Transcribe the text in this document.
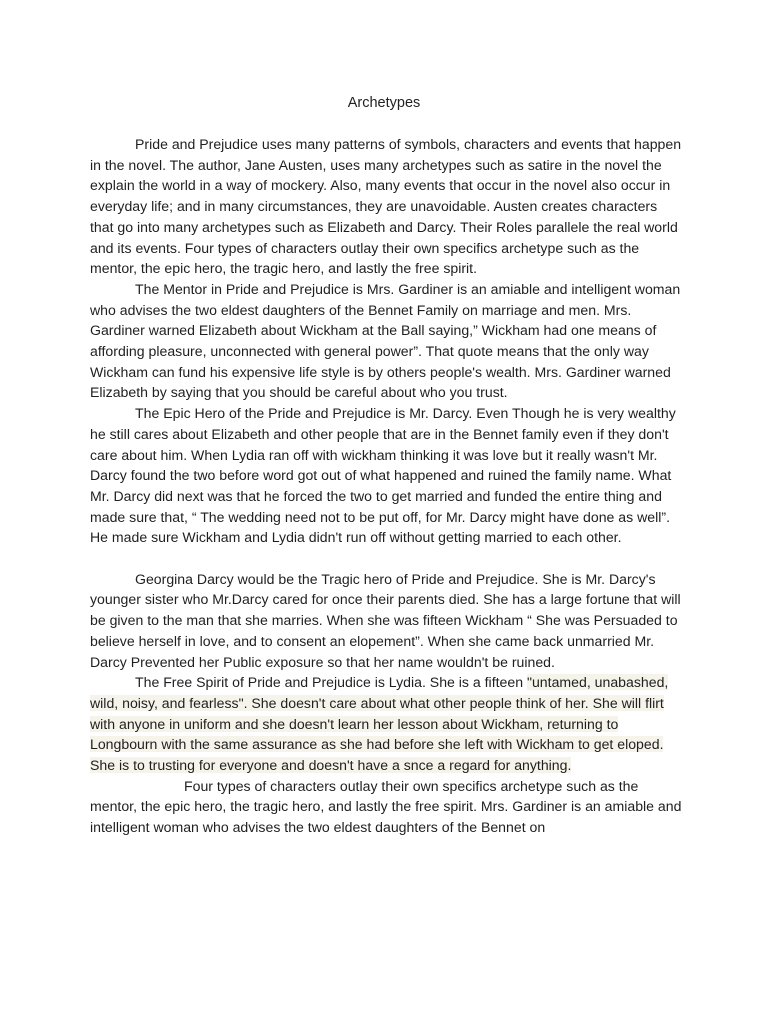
Archetypes

Pride and Prejudice uses many patterns of symbols, characters and events that happen in the novel. The author, Jane Austen, uses many archetypes such as satire in the novel the explain the world in a way of mockery. Also, many events that occur in the novel also occur in everyday life; and in many circumstances, they are unavoidable. Austen creates characters that go into many archetypes such as Elizabeth and Darcy. Their Roles parallele the real world and its events. Four types of characters outlay their own specifics archetype such as the mentor, the epic hero, the tragic hero, and lastly the free spirit.

The Mentor in Pride and Prejudice is Mrs. Gardiner is an amiable and intelligent woman who advises the two eldest daughters of the Bennet Family on marriage and men. Mrs. Gardiner warned Elizabeth about Wickham at the Ball saying,” Wickham had one means of affording pleasure, unconnected with general power”. That quote means that the only way Wickham can fund his expensive life style is by others people's wealth. Mrs. Gardiner warned Elizabeth by saying that you should be careful about who you trust.

The Epic Hero of the Pride and Prejudice is Mr. Darcy. Even Though he is very wealthy he still cares about Elizabeth and other people that are in the Bennet family even if they don't care about him. When Lydia ran off with wickham thinking it was love but it really wasn't Mr. Darcy found the two before word got out of what happened and ruined the family name. What Mr. Darcy did next was that he forced the two to get married and funded the entire thing and made sure that, “ The wedding need not to be put off, for Mr. Darcy might have done as well”. He made sure Wickham and Lydia didn't run off without getting married to each other.

Georgina Darcy would be the Tragic hero of Pride and Prejudice. She is Mr. Darcy's younger sister who Mr.Darcy cared for once their parents died. She has a large fortune that will be given to the man that she marries. When she was fifteen Wickham “ She was Persuaded to believe herself in love, and to consent an elopement”. When she came back unmarried Mr. Darcy Prevented her Public exposure so that her name wouldn't be ruined.

The Free Spirit of Pride and Prejudice is Lydia. She is a fifteen "untamed, unabashed, wild, noisy, and fearless". She doesn't care about what other people think of her. She will flirt with anyone in uniform and she doesn't learn her lesson about Wickham, returning to Longbourn with the same assurance as she had before she left with Wickham to get eloped. She is to trusting for everyone and doesn't have a snce a regard for anything.

Four types of characters outlay their own specifics archetype such as the mentor, the epic hero, the tragic hero, and lastly the free spirit. Mrs. Gardiner is an amiable and intelligent woman who advises the two eldest daughters of the Bennet on
